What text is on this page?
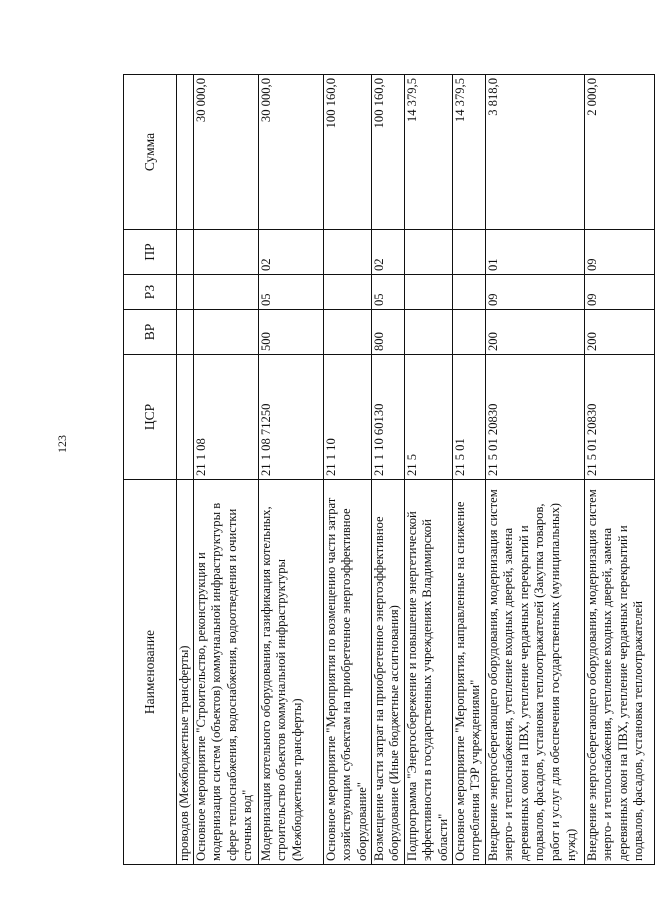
123
Наименование	ЦСР	ВР	РЗ	ПР	Сумма
проводов (Межбюджетные трансферты)					
Основное мероприятие "Строительство, реконструкция и модернизация систем (объектов) коммунальной инфраструктуры в сфере теплоснабжения, водоснабжения, водоотведения и очистки сточных вод"	21 1 08				30 000,0
Модернизация котельного оборудования, газификация котельных, строительство объектов коммунальной инфраструктуры (Межбюджетные трансферты)	21 1 08 71250	500	05	02	30 000,0
Основное мероприятие "Мероприятия по возмещению части затрат хозяйствующим субъектам на приобретенное энергоэффективное оборудование"	21 1 10				100 160,0
Возмещение части затрат на приобретенное энергоэффективное оборудование (Иные бюджетные ассигнования)	21 1 10 60130	800	05	02	100 160,0
Подпрограмма "Энергосбережение и повышение энергетической эффективности в государственных учреждениях Владимирской области"	21 5				14 379,5
Основное мероприятие "Мероприятия, направленные на снижение потребления ТЭР учреждениями"	21 5 01				14 379,5
Внедрение энергосберегающего оборудования, модернизация систем энерго- и теплоснабжения, утепление входных дверей, замена деревянных окон на ПВХ, утепление чердачных перекрытий и подвалов, фасадов, установка теплоотражателей (Закупка товаров, работ и услуг для обеспечения государственных (муниципальных) нужд)	21 5 01 20830	200	09	01	3 818,0
Внедрение энергосберегающего оборудования, модернизация систем энерго- и теплоснабжения, утепление входных дверей, замена деревянных окон на ПВХ, утепление чердачных перекрытий и подвалов, фасадов, установка теплоотражателей	21 5 01 20830	200	09	09	2 000,0
